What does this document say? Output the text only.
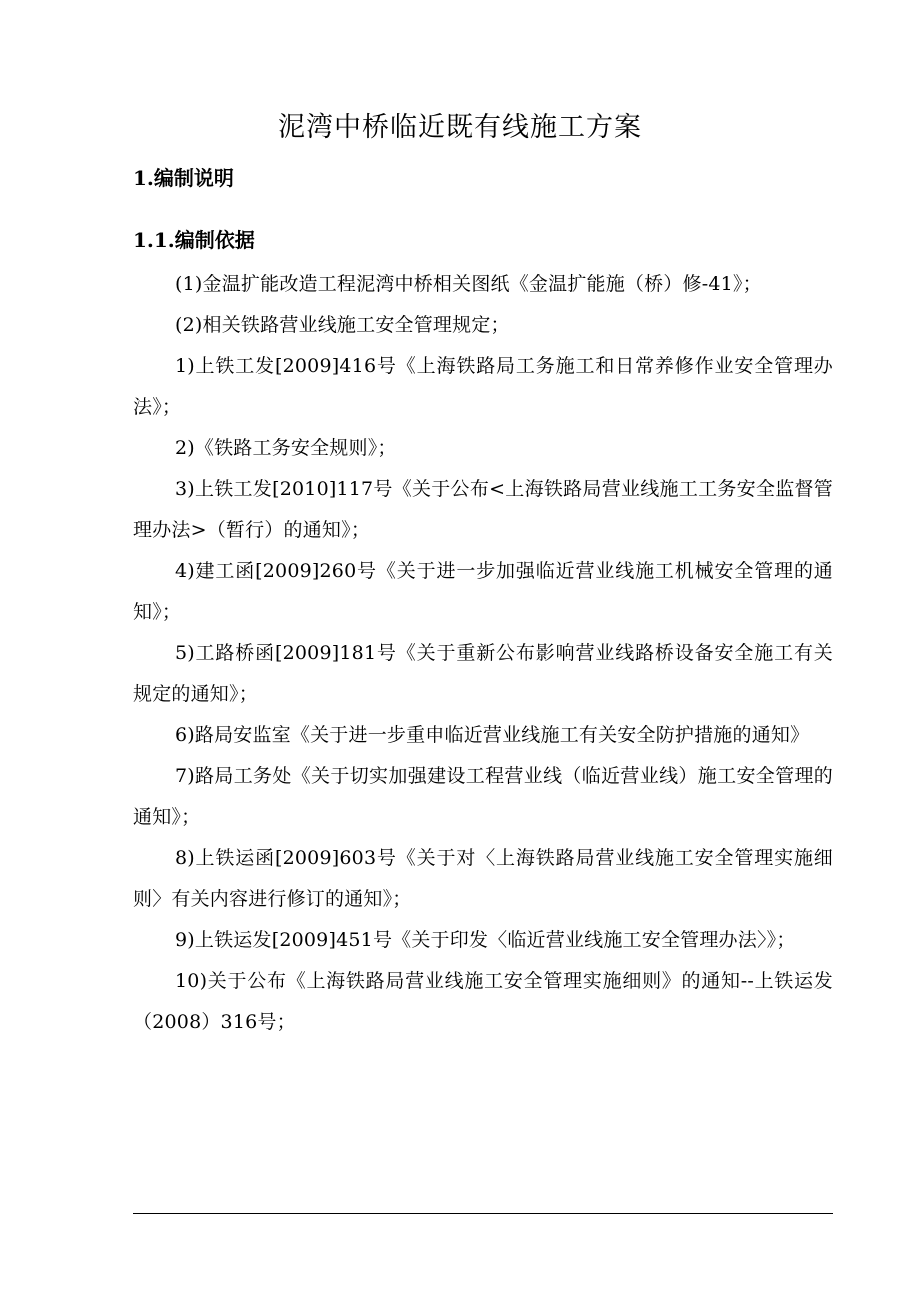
泥湾中桥临近既有线施工方案
1.编制说明
1.1.编制依据

(1)金温扩能改造工程泥湾中桥相关图纸《金温扩能施（桥）修-41》；

(2)相关铁路营业线施工安全管理规定；

1)上铁工发[2009]416号《上海铁路局工务施工和日常养修作业安全管理办法》；

2)《铁路工务安全规则》；

3)上铁工发[2010]117号《关于公布<上海铁路局营业线施工工务安全监督管理办法>（暂行）的通知》；

4)建工函[2009]260号《关于进一步加强临近营业线施工机械安全管理的通知》；

5)工路桥函[2009]181号《关于重新公布影响营业线路桥设备安全施工有关规定的通知》；

6)路局安监室《关于进一步重申临近营业线施工有关安全防护措施的通知》

7)路局工务处《关于切实加强建设工程营业线（临近营业线）施工安全管理的通知》；

8)上铁运函[2009]603号《关于对〈上海铁路局营业线施工安全管理实施细则〉有关内容进行修订的通知》；

9)上铁运发[2009]451号《关于印发〈临近营业线施工安全管理办法〉》；

10)关于公布《上海铁路局营业线施工安全管理实施细则》的通知--上铁运发（2008）316号；
